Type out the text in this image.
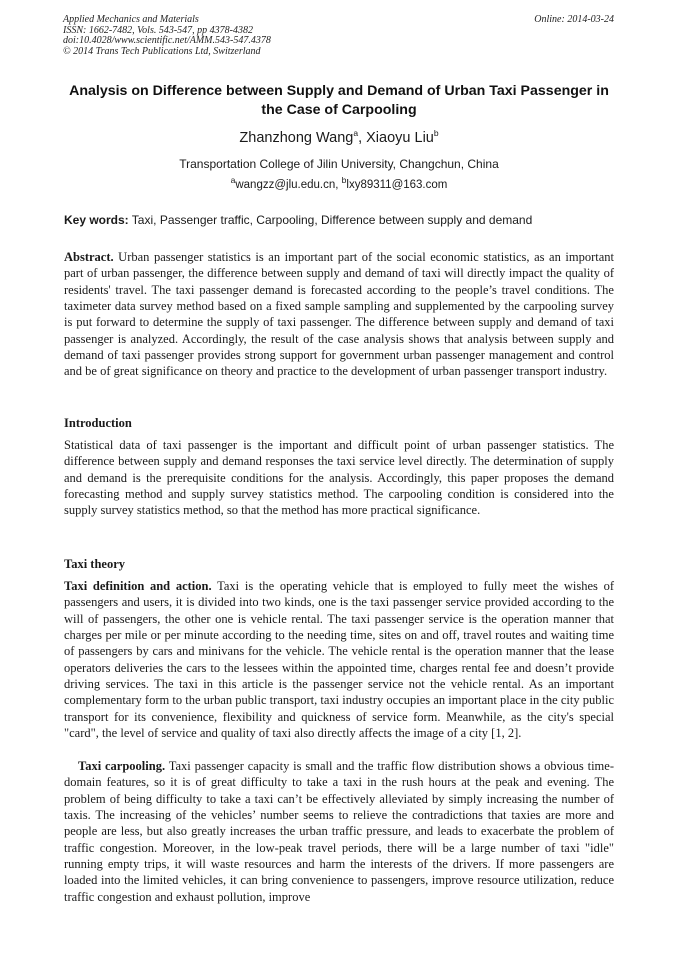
Applied Mechanics and Materials
ISSN: 1662-7482, Vols. 543-547, pp 4378-4382
doi:10.4028/www.scientific.net/AMM.543-547.4378
© 2014 Trans Tech Publications Ltd, Switzerland
Online: 2014-03-24
Analysis on Difference between Supply and Demand of Urban Taxi Passenger in the Case of Carpooling
Zhanzhong Wang$^a$, Xiaoyu Liu$^b$
Transportation College of Jilin University, Changchun, China
$^a$wangzz@jlu.edu.cn, $^b$lxy89311@163.com
Key words: Taxi, Passenger traffic, Carpooling, Difference between supply and demand

Abstract. Urban passenger statistics is an important part of the social economic statistics, as an important part of urban passenger, the difference between supply and demand of taxi will directly impact the quality of residents' travel. The taxi passenger demand is forecasted according to the people’s travel conditions. The taximeter data survey method based on a fixed sample sampling and supplemented by the carpooling survey is put forward to determine the supply of taxi passenger. The difference between supply and demand of taxi passenger is analyzed. Accordingly, the result of the case analysis shows that analysis between supply and demand of taxi passenger provides strong support for government urban passenger management and control and be of great significance on theory and practice to the development of urban passenger transport industry.

Introduction

Statistical data of taxi passenger is the important and difficult point of urban passenger statistics. The difference between supply and demand responses the taxi service level directly. The determination of supply and demand is the prerequisite conditions for the analysis. Accordingly, this paper proposes the demand forecasting method and supply survey statistics method. The carpooling condition is considered into the supply survey statistics method, so that the method has more practical significance.

Taxi theory

Taxi definition and action. Taxi is the operating vehicle that is employed to fully meet the wishes of passengers and users, it is divided into two kinds, one is the taxi passenger service provided according to the will of passengers, the other one is vehicle rental. The taxi passenger service is the operation manner that charges per mile or per minute according to the needing time, sites on and off, travel routes and waiting time of passengers by cars and minivans for the vehicle. The vehicle rental is the operation manner that the lease operators deliveries the cars to the lessees within the appointed time, charges rental fee and doesn’t provide driving services. The taxi in this article is the passenger service not the vehicle rental. As an important complementary form to the urban public transport, taxi industry occupies an important place in the city public transport for its convenience, flexibility and quickness of service form. Meanwhile, as the city's special "card", the level of service and quality of taxi also directly affects the image of a city [1, 2].

Taxi carpooling. Taxi passenger capacity is small and the traffic flow distribution shows a obvious time-domain features, so it is of great difficulty to take a taxi in the rush hours at the peak and evening. The problem of being difficulty to take a taxi can’t be effectively alleviated by simply increasing the number of taxis. The increasing of the vehicles’ number seems to relieve the contradictions that taxies are more and people are less, but also greatly increases the urban traffic pressure, and leads to exacerbate the problem of traffic congestion. Moreover, in the low-peak travel periods, there will be a large number of taxi "idle" running empty trips, it will waste resources and harm the interests of the drivers. If more passengers are loaded into the limited vehicles, it can bring convenience to passengers, improve resource utilization, reduce traffic congestion and exhaust pollution, improve
